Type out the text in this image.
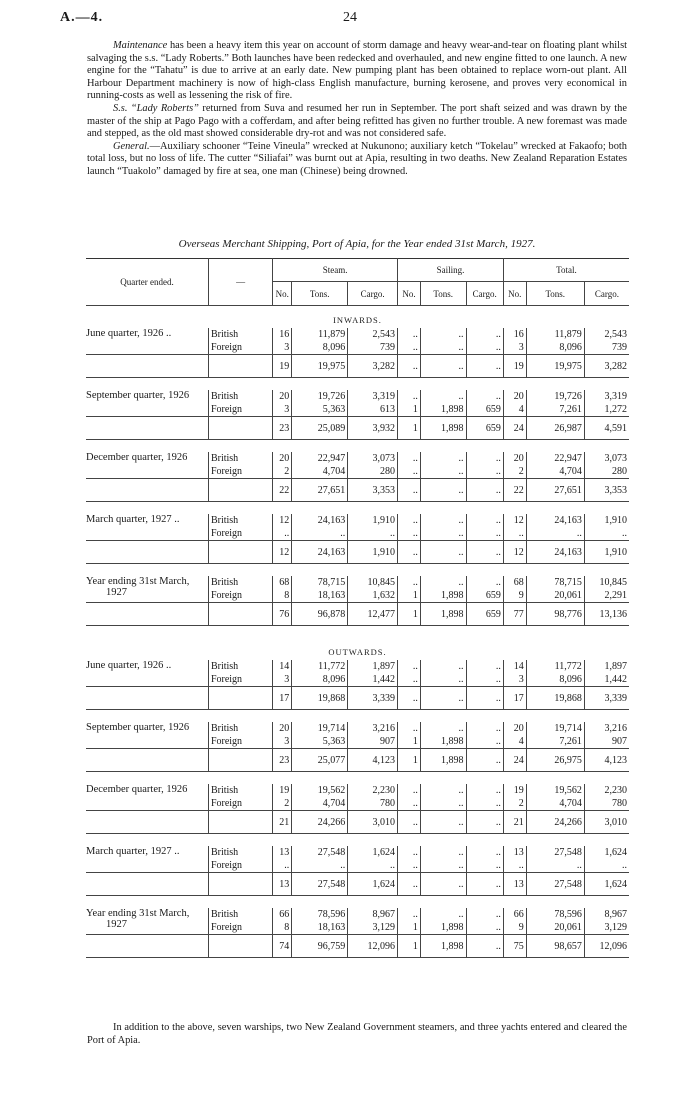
A.—4.	24

Maintenance has been a heavy item this year on account of storm damage and heavy wear-and-tear on floating plant whilst salvaging the s.s. “Lady Roberts.” Both launches have been redecked and overhauled, and new engine fitted to one launch. A new engine for the “Tahatu” is due to arrive at an early date. New pumping plant has been obtained to replace worn-out plant. All Harbour Department machinery is now of high-class English manufacture, burning kerosene, and proves very economical in running-costs as well as lessening the risk of fire.

S.s. “Lady Roberts” returned from Suva and resumed her run in September. The port shaft seized and was drawn by the master of the ship at Pago Pago with a cofferdam, and after being refitted has given no further trouble. A new foremast was made and stepped, as the old mast showed considerable dry-rot and was not considered safe.

General.—Auxiliary schooner “Teine Vineula” wrecked at Nukunono; auxiliary ketch “Tokelau” wrecked at Fakaofo; both total loss, but no loss of life. The cutter “Siliafai” was burnt out at Apia, resulting in two deaths. New Zealand Reparation Estates launch “Tuakolo” damaged by fire at sea, one man (Chinese) being drowned.

Overseas Merchant Shipping, Port of Apia, for the Year ended 31st March, 1927.
Quarter ended.	—	Steam.			Sailing.			Total.		
		No.	Tons.	Cargo.	No.	Tons.	Cargo.	No.	Tons.	Cargo.
INWARDS.										

June quarter, 1926 ..	British	16	11,879	2,543	..	..	..	16	11,879	2,543
	Foreign	3	8,096	739	..	..	..	3	8,096	739
		19	19,975	3,282	..	..	..	19	19,975	3,282

September quarter, 1926	British	20	19,726	3,319	..	..	..	20	19,726	3,319
	Foreign	3	5,363	613	1	1,898	659	4	7,261	1,272
		23	25,089	3,932	1	1,898	659	24	26,987	4,591

December quarter, 1926	British	20	22,947	3,073	..	..	..	20	22,947	3,073
	Foreign	2	4,704	280	..	..	..	2	4,704	280
		22	27,651	3,353	..	..	..	22	27,651	3,353

March quarter, 1927 ..	British	12	24,163	1,910	..	..	..	12	24,163	1,910
	Foreign	..	..	..	..	..	..	..	..	..
		12	24,163	1,910	..	..	..	12	24,163	1,910

Year ending 31st March,
1927	British	68	78,715	10,845	..	..	..	68	78,715	10,845
	Foreign	8	18,163	1,632	1	1,898	659	9	20,061	2,291
		76	96,878	12,477	1	1,898	659	77	98,776	13,136

OUTWARDS.										

June quarter, 1926 ..	British	14	11,772	1,897	..	..	..	14	11,772	1,897
	Foreign	3	8,096	1,442	..	..	..	3	8,096	1,442
		17	19,868	3,339	..	..	..	17	19,868	3,339

September quarter, 1926	British	20	19,714	3,216	..	..	..	20	19,714	3,216
	Foreign	3	5,363	907	1	1,898	..	4	7,261	907
		23	25,077	4,123	1	1,898	..	24	26,975	4,123

December quarter, 1926	British	19	19,562	2,230	..	..	..	19	19,562	2,230
	Foreign	2	4,704	780	..	..	..	2	4,704	780
		21	24,266	3,010	..	..	..	21	24,266	3,010

March quarter, 1927 ..	British	13	27,548	1,624	..	..	..	13	27,548	1,624
	Foreign	..	..	..	..	..	..	..	..	..
		13	27,548	1,624	..	..	..	13	27,548	1,624

Year ending 31st March,
1927	British	66	78,596	8,967	..	..	..	66	78,596	8,967
	Foreign	8	18,163	3,129	1	1,898	..	9	20,061	3,129
		74	96,759	12,096	1	1,898	..	75	98,657	12,096

In addition to the above, seven warships, two New Zealand Government steamers, and three yachts entered and cleared the Port of Apia.
